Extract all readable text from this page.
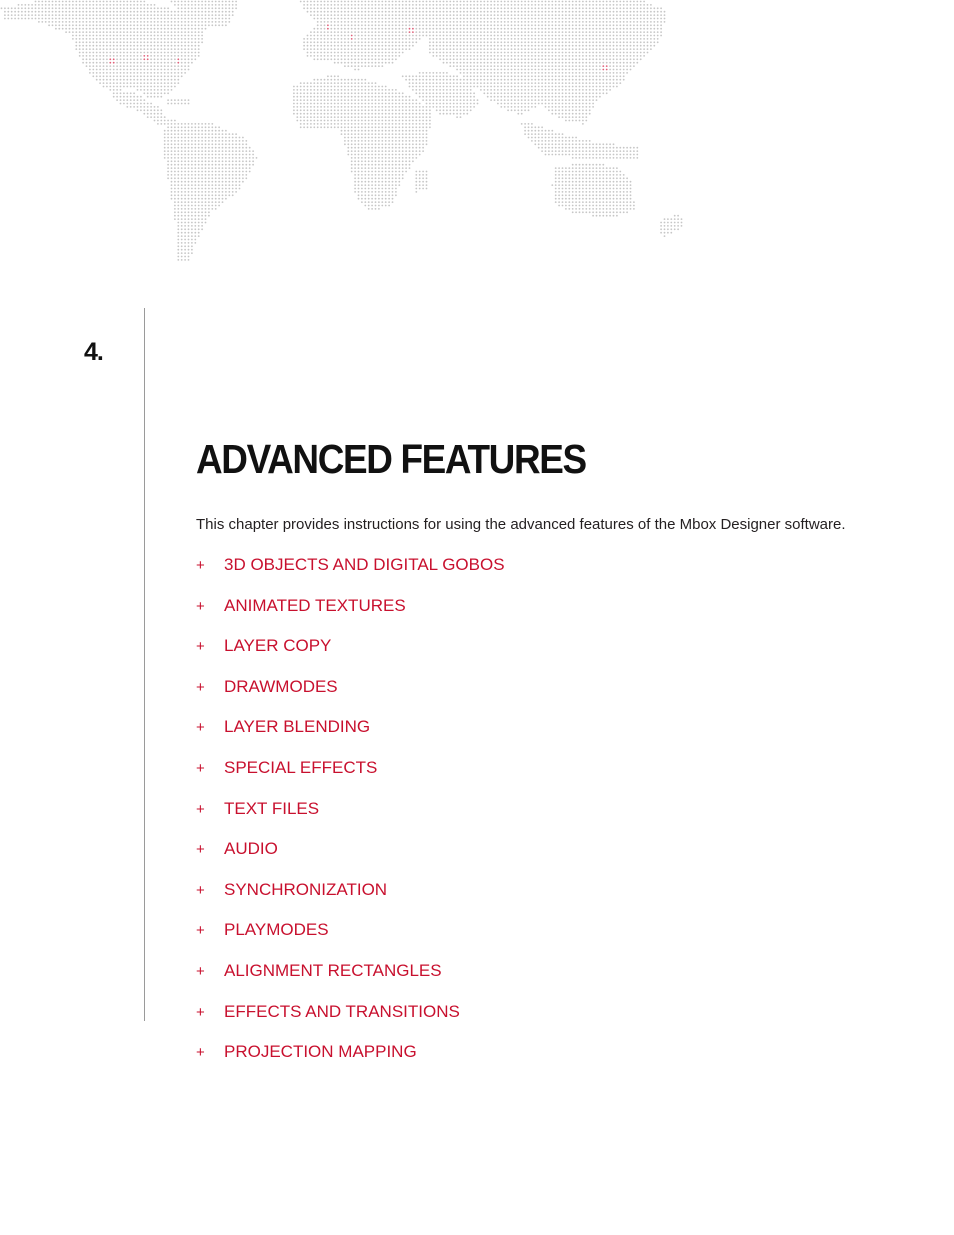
4.
ADVANCED FEATURES

This chapter provides instructions for using the advanced features of the Mbox Designer software.

+	3D OBJECTS AND DIGITAL GOBOS
+	ANIMATED TEXTURES
+	LAYER COPY
+	DRAWMODES
+	LAYER BLENDING
+	SPECIAL EFFECTS
+	TEXT FILES
+	AUDIO
+	SYNCHRONIZATION
+	PLAYMODES
+	ALIGNMENT RECTANGLES
+	EFFECTS AND TRANSITIONS
+	PROJECTION MAPPING
